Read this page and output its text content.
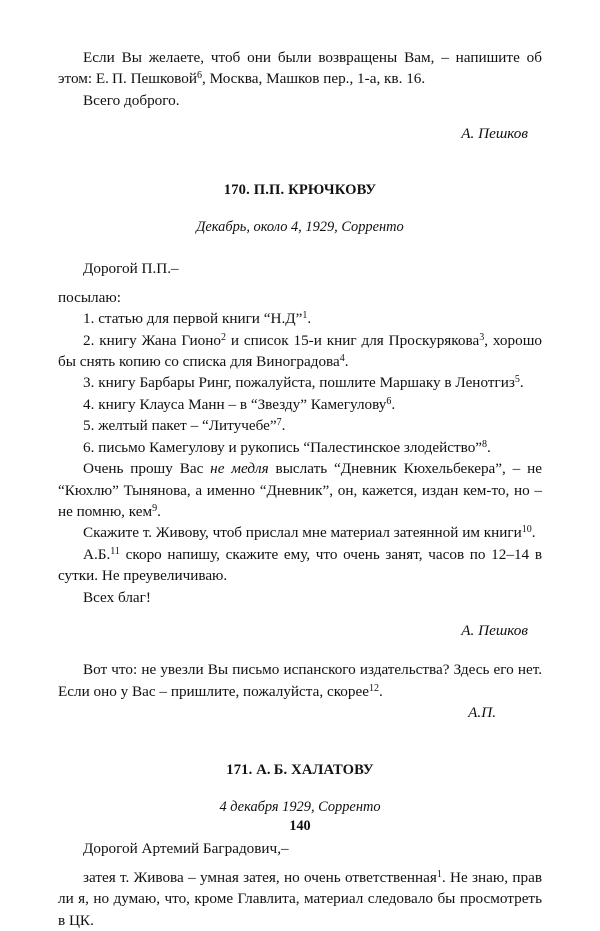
Если Вы желаете, чтоб они были возвращены Вам, – напишите об этом: Е. П. Пешковой$^6$, Москва, Машков пер., 1-а, кв. 16.

Всего доброго.

А. Пешков

170. П.П. КРЮЧКОВУ

Декабрь, около 4, 1929, Сорренто

Дорогой П.П.–

посылаю:

1. статью для первой книги “Н.Д”$^1$.

2. книгу Жана Гионо$^2$ и список 15-и книг для Проскурякова$^3$, хорошо бы снять копию со списка для Виноградова$^4$.

3. книгу Барбары Ринг, пожалуйста, пошлите Маршаку в Ленотгиз$^5$.

4. книгу Клауса Манн – в “Звезду” Камегулову$^6$.

5. желтый пакет – “Литучебе”$^7$.

6. письмо Камегулову и рукопись “Палестинское злодейство”$^8$.

Очень прошу Вас не медля выслать “Дневник Кюхельбекера”, – не “Кюхлю” Тынянова, а именно “Дневник”, он, кажется, издан кем-то, но – не помню, кем$^9$.

Скажите т. Живову, чтоб прислал мне материал затеянной им книги$^{10}$.

А.Б.$^{11}$ скоро напишу, скажите ему, что очень занят, часов по 12–14 в сутки. Не преувеличиваю.

Всех благ!

А. Пешков

Вот что: не увезли Вы письмо испанского издательства? Здесь его нет. Если оно у Вас – пришлите, пожалуйста, скорее$^{12}$.

А.П.

171. А. Б. ХАЛАТОВУ

4 декабря 1929, Сорренто

Дорогой Артемий Баградович,–

затея т. Живова – умная затея, но очень ответственная$^1$. Не знаю, прав ли я, но думаю, что, кроме Главлита, материал следовало бы просмотреть в ЦК.

140
